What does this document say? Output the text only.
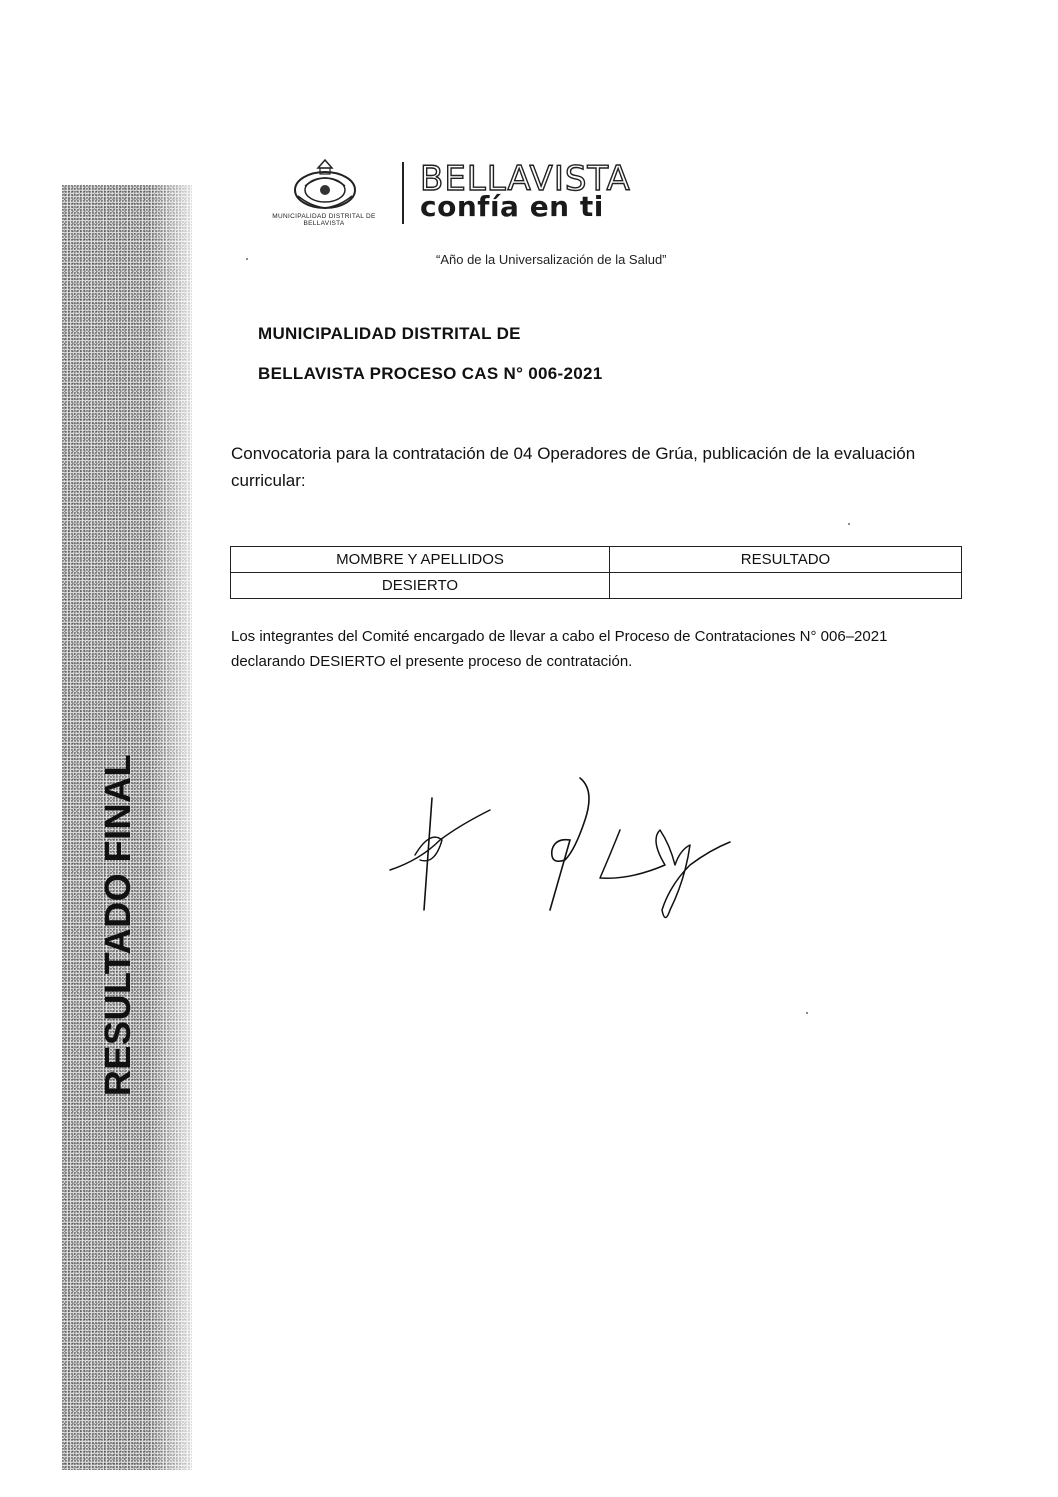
RESULTADO FINAL
MUNICIPALIDAD DISTRITAL DE BELLAVISTA
BELLAVISTA
confía en ti
“Año de la Universalización de la Salud”
MUNICIPALIDAD DISTRITAL DE
BELLAVISTA PROCESO CAS N° 006-2021
Convocatoria para la contratación de 04 Operadores de Grúa, publicación de la evaluación curricular:
MOMBRE Y APELLIDOS	RESULTADO
DESIERTO	
Los integrantes del Comité encargado de llevar a cabo el Proceso de Contrataciones N° 006–2021 declarando DESIERTO el presente proceso de contratación.
